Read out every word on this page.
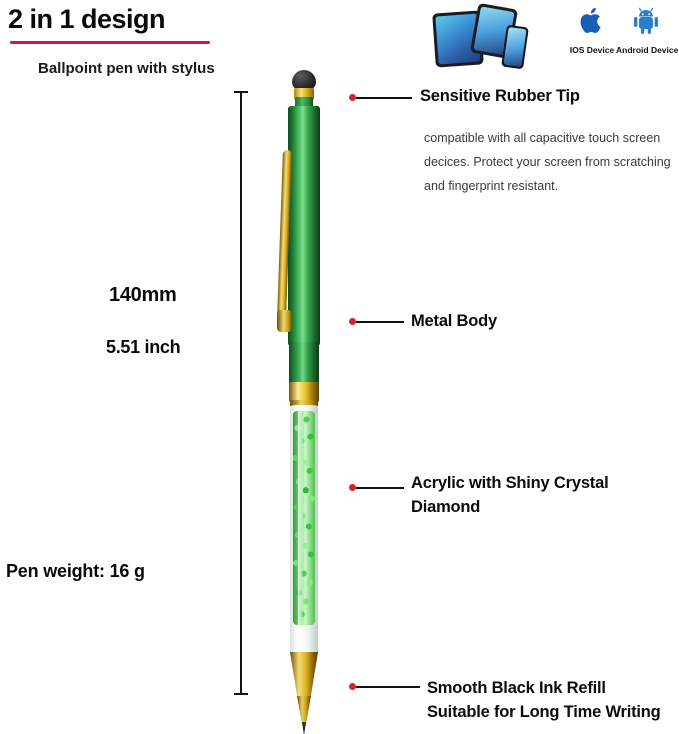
2 in 1 design
Ballpoint pen with stylus
IOS Device Android Device
140mm
5.51 inch
Pen weight: 16 g
Sensitive Rubber Tip
compatible with all capacitive touch screen decices. Protect your screen from scratching and fingerprint resistant.
Metal Body
Acrylic with Shiny Crystal Diamond
Smooth Black Ink Refill Suitable for Long Time Writing
